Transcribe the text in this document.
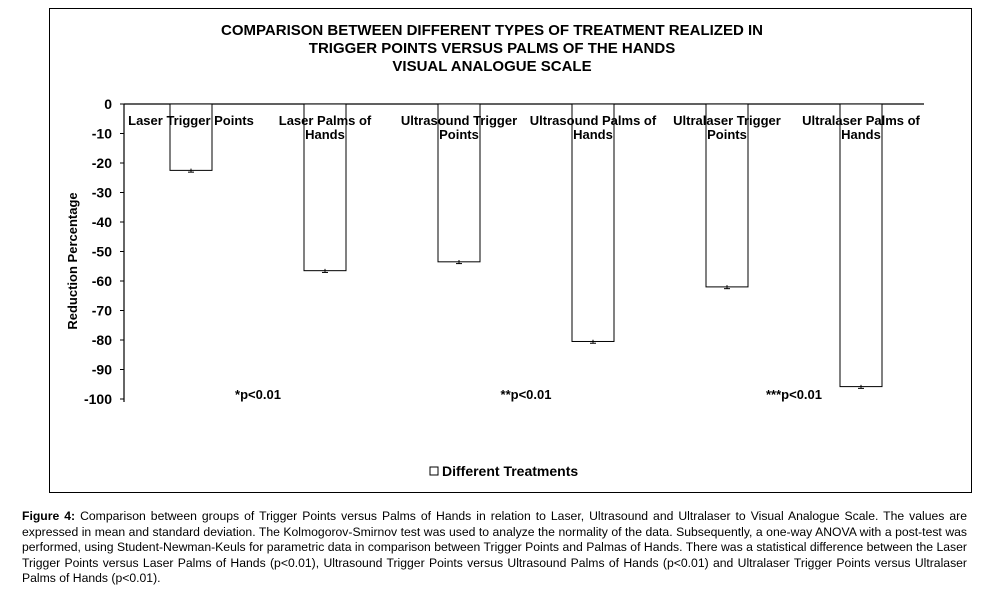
COMPARISON BETWEEN DIFFERENT TYPES OF TREATMENT REALIZED IN
TRIGGER POINTS VERSUS PALMS OF THE HANDS
VISUAL ANALOGUE SCALE
Reduction Percentage
0
-10
-20
-30
-40
-50
-60
-70
-80
-90
-100
Laser Trigger Points Laser Palms of
Hands
Ultrasound Trigger
Points
Ultrasound Palms of
Hands
Ultralaser Trigger
Points
Ultralaser Palms of
Hands
*p<0.01	**p<0.01	***p<0.01
Different Treatments
Figure 4: Comparison between groups of Trigger Points versus Palms of Hands in relation to Laser, Ultrasound and Ultralaser to Visual Analogue Scale. The values are expressed in mean and standard deviation. The Kolmogorov-Smirnov test was used to analyze the normality of the data. Subsequently, a one-way ANOVA with a post-test was performed, using Student-Newman-Keuls for parametric data in comparison between Trigger Points and Palmas of Hands. There was a statistical difference between the Laser Trigger Points versus Laser Palms of Hands (p<0.01), Ultrasound Trigger Points versus Ultrasound Palms of Hands (p<0.01) and Ultralaser Trigger Points versus Ultralaser Palms of Hands (p<0.01).
